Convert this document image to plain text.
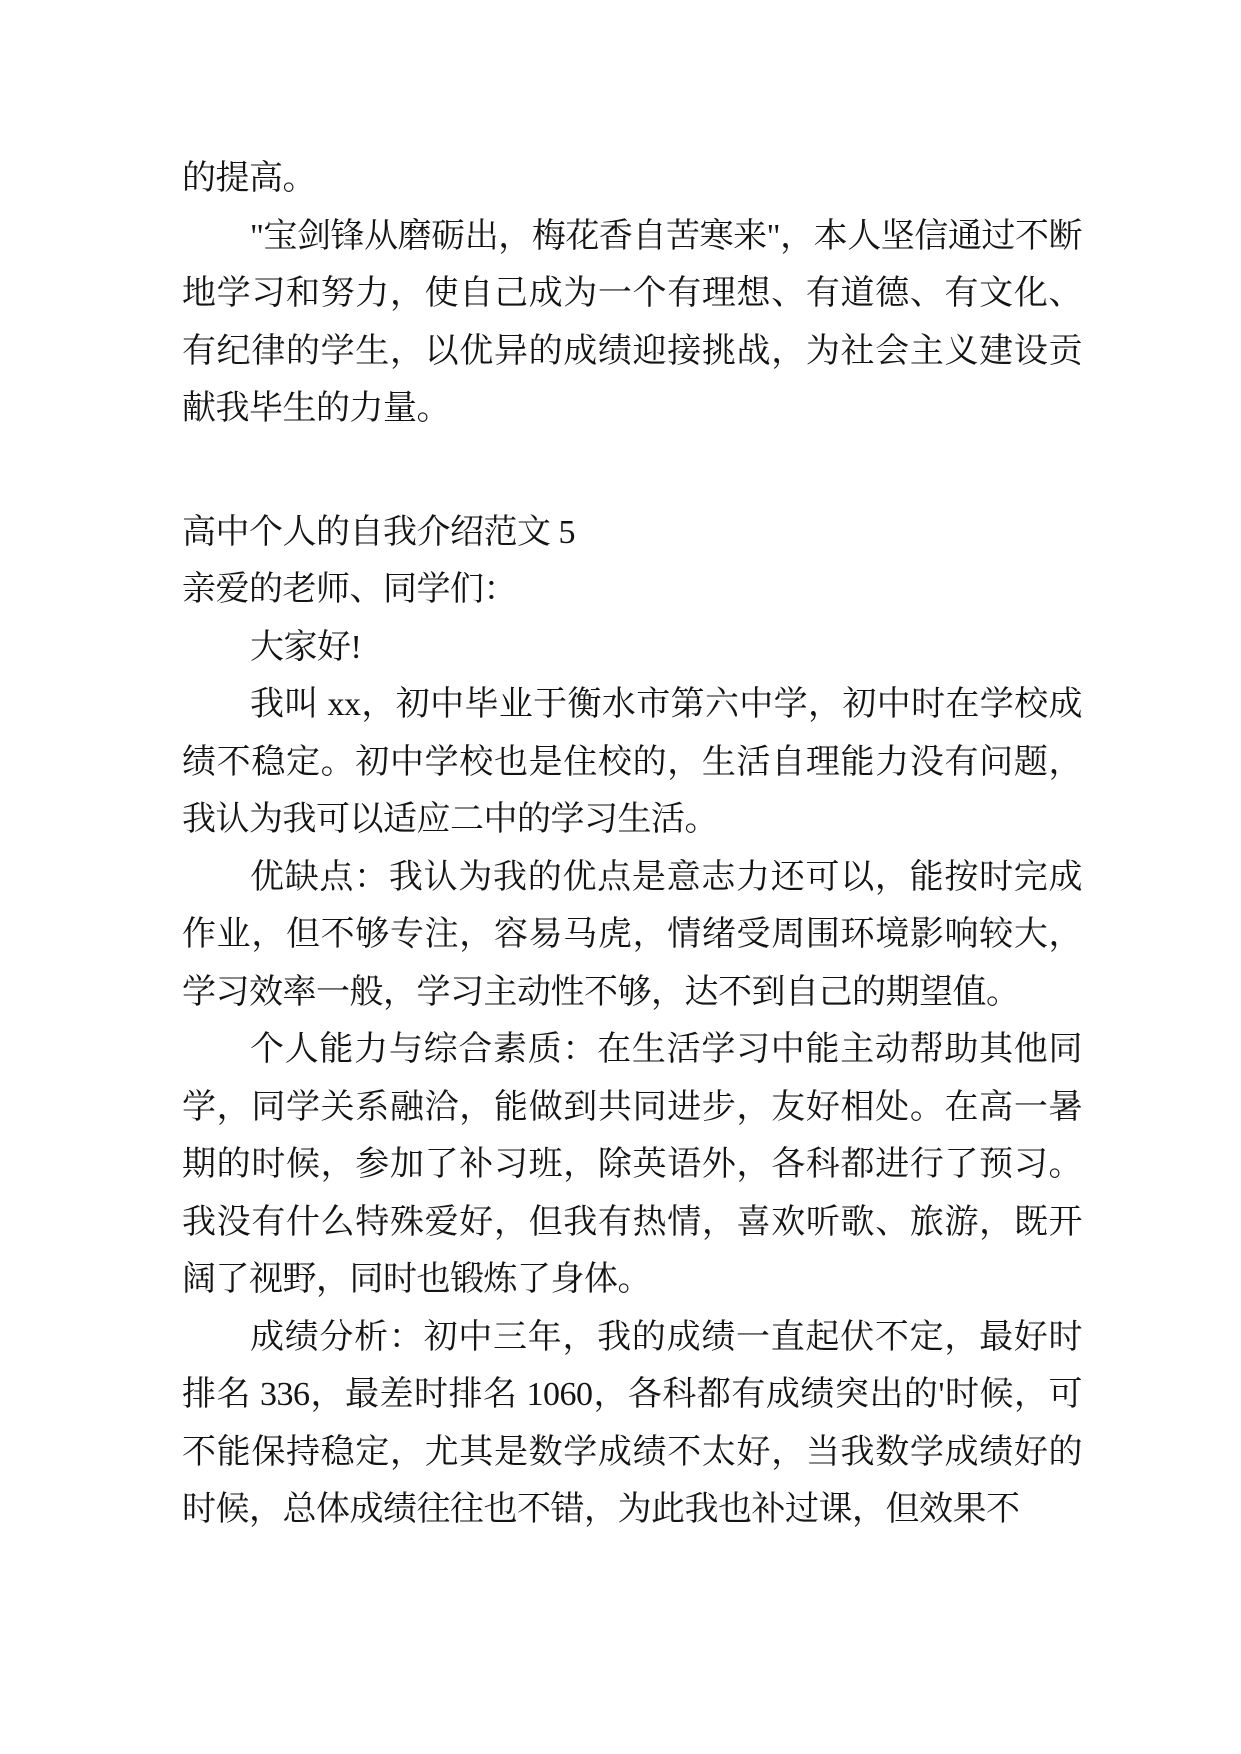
的提高。

"宝剑锋从磨砺出，梅花香自苦寒来"，本人坚信通过不断地学习和努力，使自己成为一个有理想、有道德、有文化、有纪律的学生，以优异的成绩迎接挑战，为社会主义建设贡献我毕生的力量。

高中个人的自我介绍范文 5

亲爱的老师、同学们：

大家好!

我叫 xx，初中毕业于衡水市第六中学，初中时在学校成绩不稳定。初中学校也是住校的，生活自理能力没有问题，我认为我可以适应二中的学习生活。

优缺点：我认为我的优点是意志力还可以，能按时完成作业，但不够专注，容易马虎，情绪受周围环境影响较大，学习效率一般，学习主动性不够，达不到自己的期望值。

个人能力与综合素质：在生活学习中能主动帮助其他同学，同学关系融洽，能做到共同进步，友好相处。在高一暑期的时候，参加了补习班，除英语外，各科都进行了预习。我没有什么特殊爱好，但我有热情，喜欢听歌、旅游，既开阔了视野，同时也锻炼了身体。

成绩分析：初中三年，我的成绩一直起伏不定，最好时排名 336，最差时排名 1060，各科都有成绩突出的'时候，可不能保持稳定，尤其是数学成绩不太好，当我数学成绩好的时候，总体成绩往往也不错，为此我也补过课，但效果不
